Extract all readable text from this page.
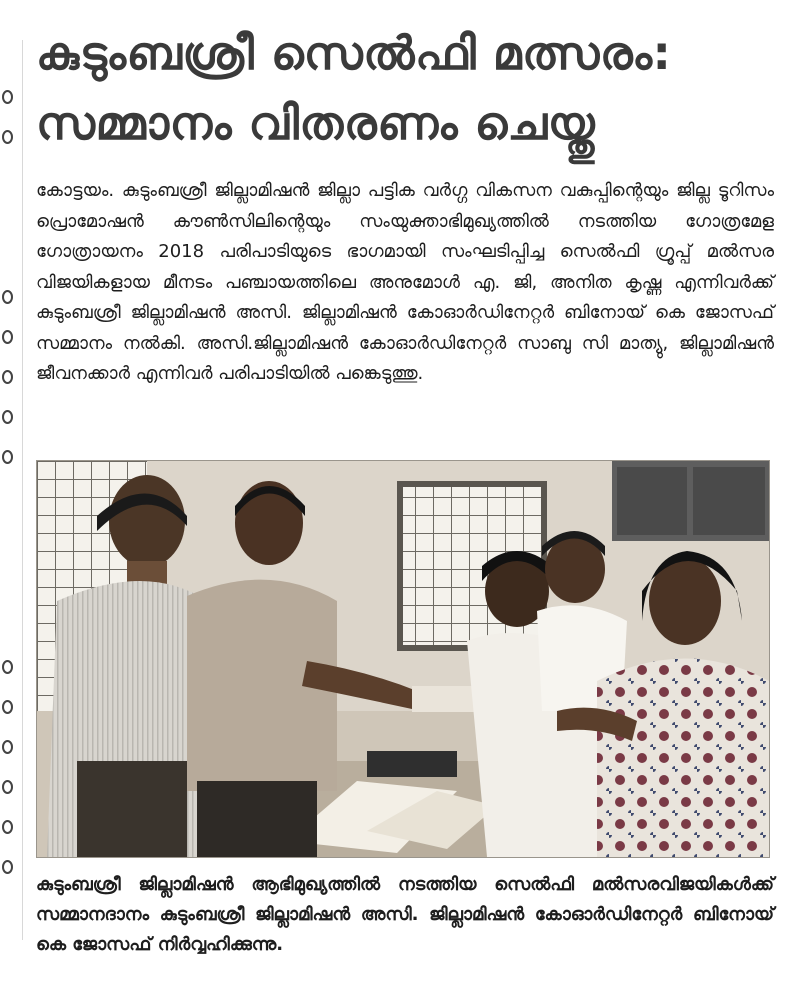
കുടുംബശ്രീ സെൽഫി മത്സരം:
സമ്മാനം വിതരണം ചെയ്തു

കോട്ടയം. കുടുംബശ്രീ ജില്ലാമിഷൻ ജില്ലാ പട്ടിക വർഗ്ഗ വികസന വകുപ്പിന്റെയും ജില്ല ടൂറിസം പ്രൊമോഷൻ കൗൺസിലിന്റെയും സംയുക്താഭിമുഖ്യത്തിൽ നടത്തിയ ഗോത്രമേള ഗോത്രായനം 2018 പരിപാടിയുടെ ഭാഗമായി സംഘടിപ്പിച്ച സെൽഫി ഗ്രൂപ്പ് മൽസര വിജയികളായ മീനടം പഞ്ചായത്തിലെ അനുമോൾ എ. ജി, അനിത കൃഷ്ണ എന്നിവർക്ക് കുടുംബശ്രീ ജില്ലാമിഷൻ അസി. ജില്ലാമിഷൻ കോഓർഡിനേറ്റർ ബിനോയ് കെ ജോസഫ് സമ്മാനം നൽകി. അസി.ജില്ലാമിഷൻ കോഓർഡിനേറ്റർ സാബു സി മാത്യു, ജില്ലാമിഷൻ ജീവനക്കാർ എന്നിവർ പരിപാടിയിൽ പങ്കെടുത്തു.

കുടുംബശ്രീ ജില്ലാമിഷൻ ആഭിമുഖ്യത്തിൽ നടത്തിയ സെൽഫി മൽസരവിജയികൾക്ക് സമ്മാനദാനം കുടുംബശ്രീ ജില്ലാമിഷൻ അസി. ജില്ലാമിഷൻ കോഓർഡിനേറ്റർ ബിനോയ് കെ ജോസഫ് നിർവ്വഹിക്കുന്നു.
